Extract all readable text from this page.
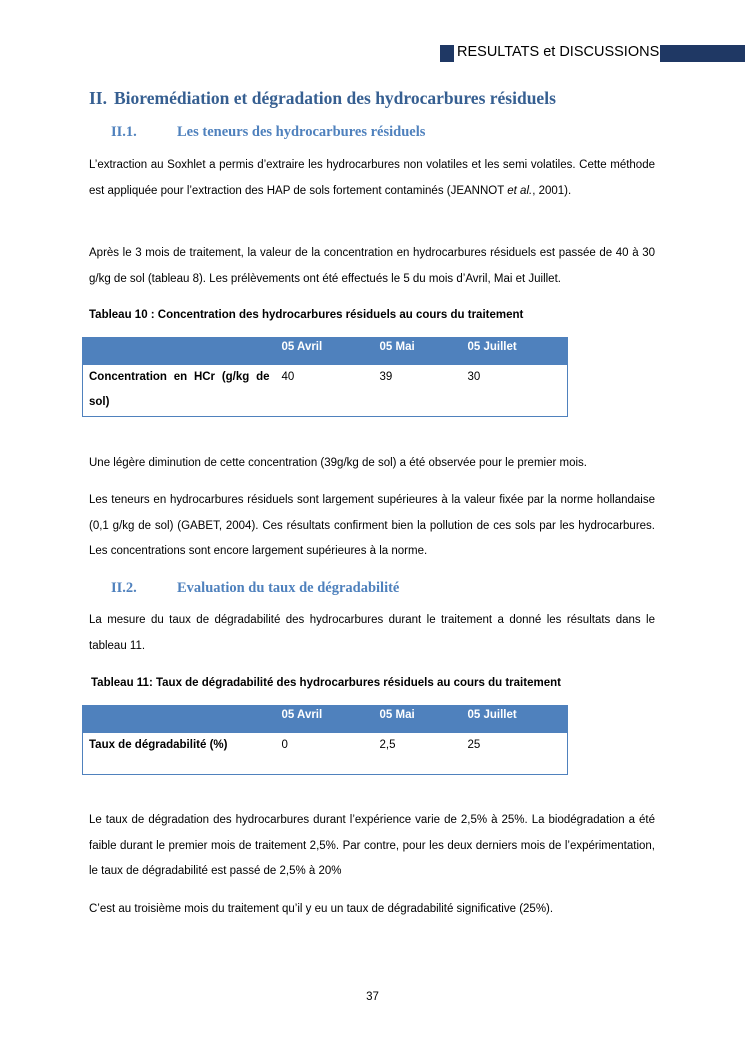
RESULTATS et DISCUSSIONS
II. Bioremédiation et dégradation des hydrocarbures résiduels
II.1.	Les teneurs des hydrocarbures résiduels
L’extraction au Soxhlet a permis d’extraire les hydrocarbures non volatiles et les semi volatiles. Cette méthode est appliquée pour l’extraction des HAP de sols fortement contaminés (JEANNOT et al., 2001).
Après le 3 mois de traitement, la valeur de la concentration en hydrocarbures résiduels est passée de 40 à 30 g/kg de sol (tableau 8). Les prélèvements ont été effectués le 5 du mois d’Avril, Mai et Juillet.
Tableau 10 : Concentration des hydrocarbures résiduels au cours du traitement
	05 Avril	05 Mai	05 Juillet
Concentration en HCr (g/kg de sol)	40	39	30
Une légère diminution de cette concentration (39g/kg de sol) a été observée pour le premier mois.
Les teneurs en hydrocarbures résiduels sont largement supérieures à la valeur fixée par la norme hollandaise (0,1 g/kg de sol) (GABET, 2004). Ces résultats confirment bien la pollution de ces sols par les hydrocarbures. Les concentrations sont encore largement supérieures à la norme.
II.2.	Evaluation du taux de dégradabilité
La mesure du taux de dégradabilité des hydrocarbures durant le traitement a donné les résultats dans le tableau 11.
Tableau 11: Taux de dégradabilité des hydrocarbures résiduels au cours du traitement
	05 Avril	05 Mai	05 Juillet
Taux de dégradabilité (%)	0	2,5	25
Le taux de dégradation des hydrocarbures durant l’expérience varie de 2,5% à 25%. La biodégradation a été faible durant le premier mois de traitement 2,5%. Par contre, pour les deux derniers mois de l’expérimentation, le taux de dégradabilité est passé de 2,5% à 20%
C’est au troisième mois du traitement qu’il y eu un taux de dégradabilité significative (25%).
37
